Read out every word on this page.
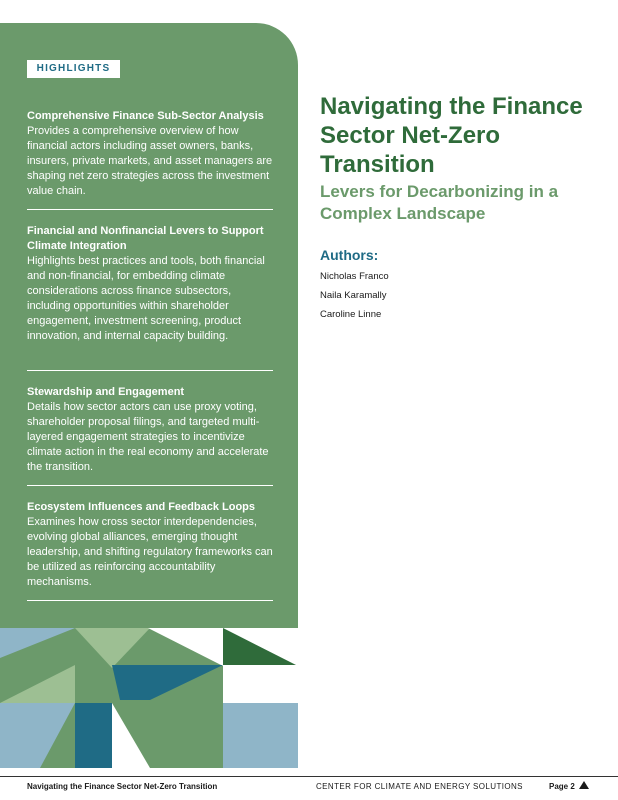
HIGHLIGHTS
Comprehensive Finance Sub-Sector Analysis
Provides a comprehensive overview of how financial actors including asset owners, banks, insurers, private markets, and asset managers are shaping net zero strategies across the investment value chain.
Financial and Nonfinancial Levers to Support Climate Integration
Highlights best practices and tools, both financial and non-financial, for embedding climate considerations across finance subsectors, including opportunities within shareholder engagement, investment screening, product innovation, and internal capacity building.
Stewardship and Engagement
Details how sector actors can use proxy voting, shareholder proposal filings, and targeted multi-layered engagement strategies to incentivize climate action in the real economy and accelerate the transition.
Ecosystem Influences and Feedback Loops
Examines how cross sector interdependencies, evolving global alliances, emerging thought leadership, and shifting regulatory frameworks can be utilized as reinforcing accountability mechanisms.
Navigating the Finance Sector Net-Zero Transition
Levers for Decarbonizing in a Complex Landscape
Authors:
Nicholas Franco
Naila Karamally
Caroline Linne
Navigating the Finance Sector Net-Zero Transition	CENTER FOR CLIMATE AND ENERGY SOLUTIONS	Page 2
